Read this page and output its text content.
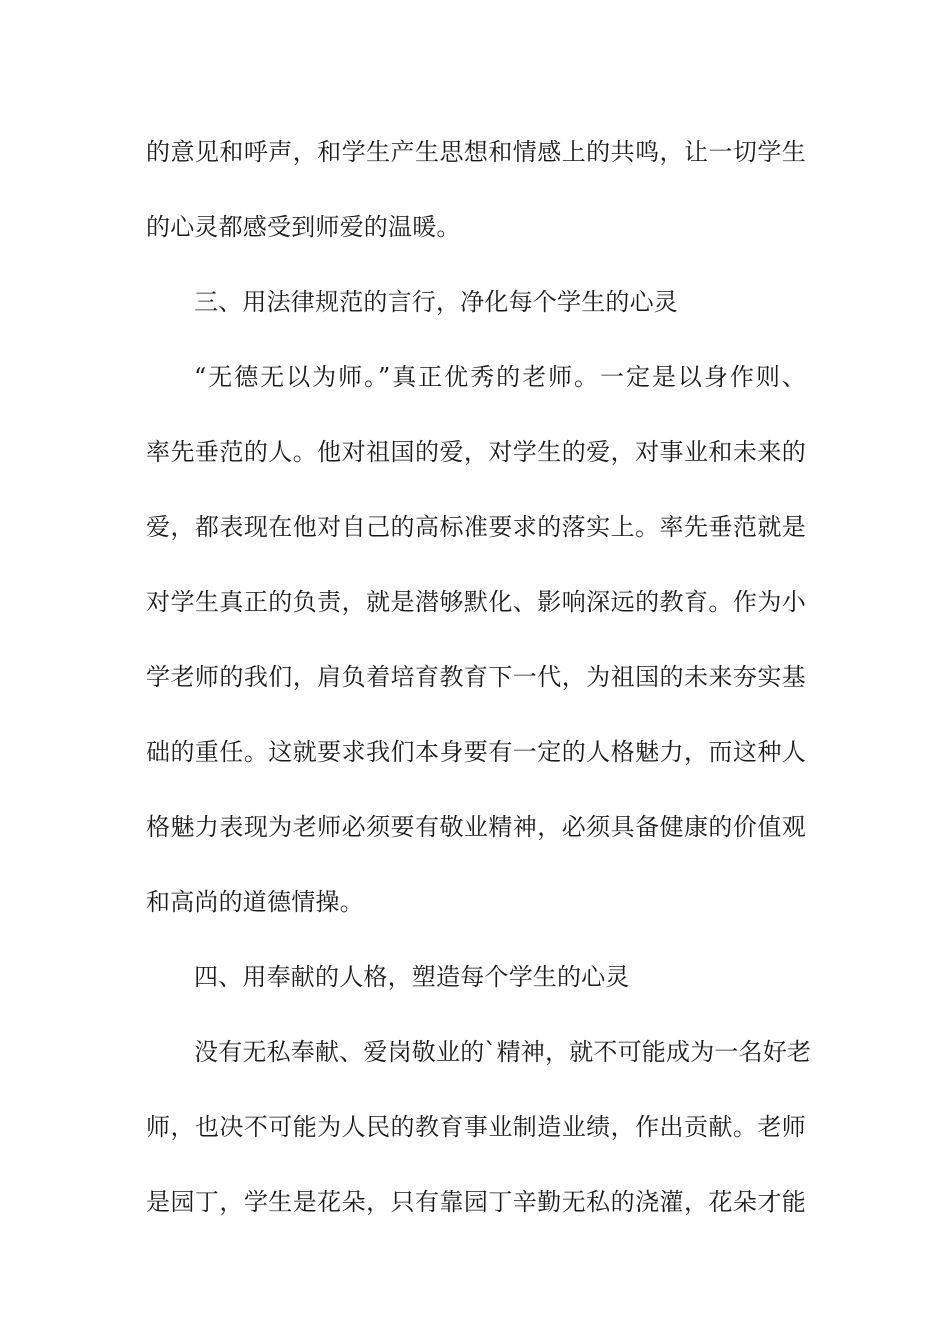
的意见和呼声，和学生产生思想和情感上的共鸣，让一切学生
的心灵都感受到师爱的温暖。
三、用法律规范的言行，净化每个学生的心灵
“无德无以为师。”真正优秀的老师。一定是以身作则、
率先垂范的人。他对祖国的爱，对学生的爱，对事业和未来的
爱，都表现在他对自己的高标准要求的落实上。率先垂范就是
对学生真正的负责，就是潜够默化、影响深远的教育。作为小
学老师的我们，肩负着培育教育下一代，为祖国的未来夯实基
础的重任。这就要求我们本身要有一定的人格魅力，而这种人
格魅力表现为老师必须要有敬业精神，必须具备健康的价值观
和高尚的道德情操。
四、用奉献的人格，塑造每个学生的心灵
没有无私奉献、爱岗敬业的`精神，就不可能成为一名好老
师，也决不可能为人民的教育事业制造业绩，作出贡献。老师
是园丁，学生是花朵，只有靠园丁辛勤无私的浇灌，花朵才能
